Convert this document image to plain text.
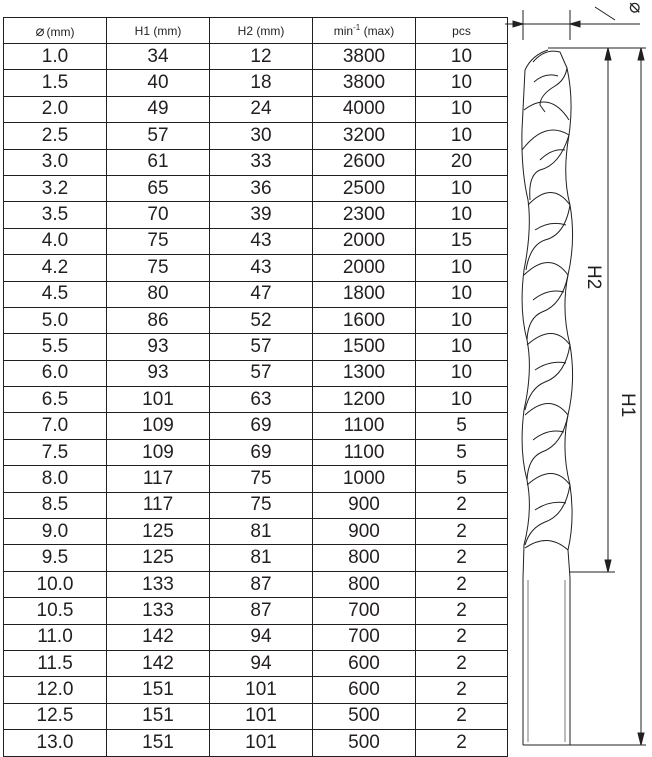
⌀ (mm)	H1 (mm)	H2 (mm)	$\min^{-1} (\max)$	pcs
1.0	34	12	3800	10
1.5	40	18	3800	10
2.0	49	24	4000	10
2.5	57	30	3200	10
3.0	61	33	2600	20
3.2	65	36	2500	10
3.5	70	39	2300	10
4.0	75	43	2000	15
4.2	75	43	2000	10
4.5	80	47	1800	10
5.0	86	52	1600	10
5.5	93	57	1500	10
6.0	93	57	1300	10
6.5	101	63	1200	10
7.0	109	69	1100	5
7.5	109	69	1100	5
8.0	117	75	1000	5
8.5	117	75	900	2
9.0	125	81	900	2
9.5	125	81	800	2
10.0	133	87	800	2
10.5	133	87	700	2
11.0	142	94	700	2
11.5	142	94	600	2
12.0	151	101	600	2
12.5	151	101	500	2
13.0	151	101	500	2
⌀
H2
H1
